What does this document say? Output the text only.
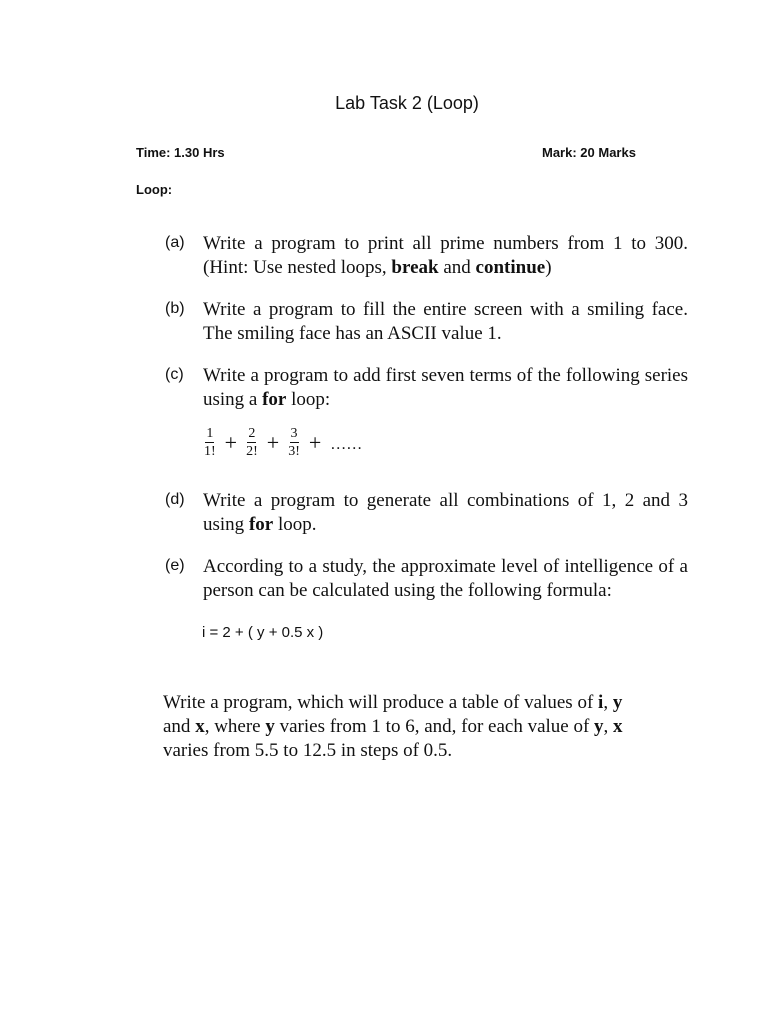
Lab Task 2 (Loop)
Time: 1.30 Hrs	Mark: 20 Marks
Loop:
(a) Write a program to print all prime numbers from 1 to 300. (Hint: Use nested loops, break and continue)
(b) Write a program to fill the entire screen with a smiling face. The smiling face has an ASCII value 1.
(c) Write a program to add first seven terms of the following series using a for loop:
$\frac{1}{1!} + \frac{2}{2!} + \frac{3}{3!}$ + ……
(d) Write a program to generate all combinations of 1, 2 and 3 using for loop.
(e) According to a study, the approximate level of intelligence of a person can be calculated using the following formula:
i = 2 + ( y + 0.5 x )
Write a program, which will produce a table of values of i, y and x, where y varies from 1 to 6, and, for each value of y, x varies from 5.5 to 12.5 in steps of 0.5.
